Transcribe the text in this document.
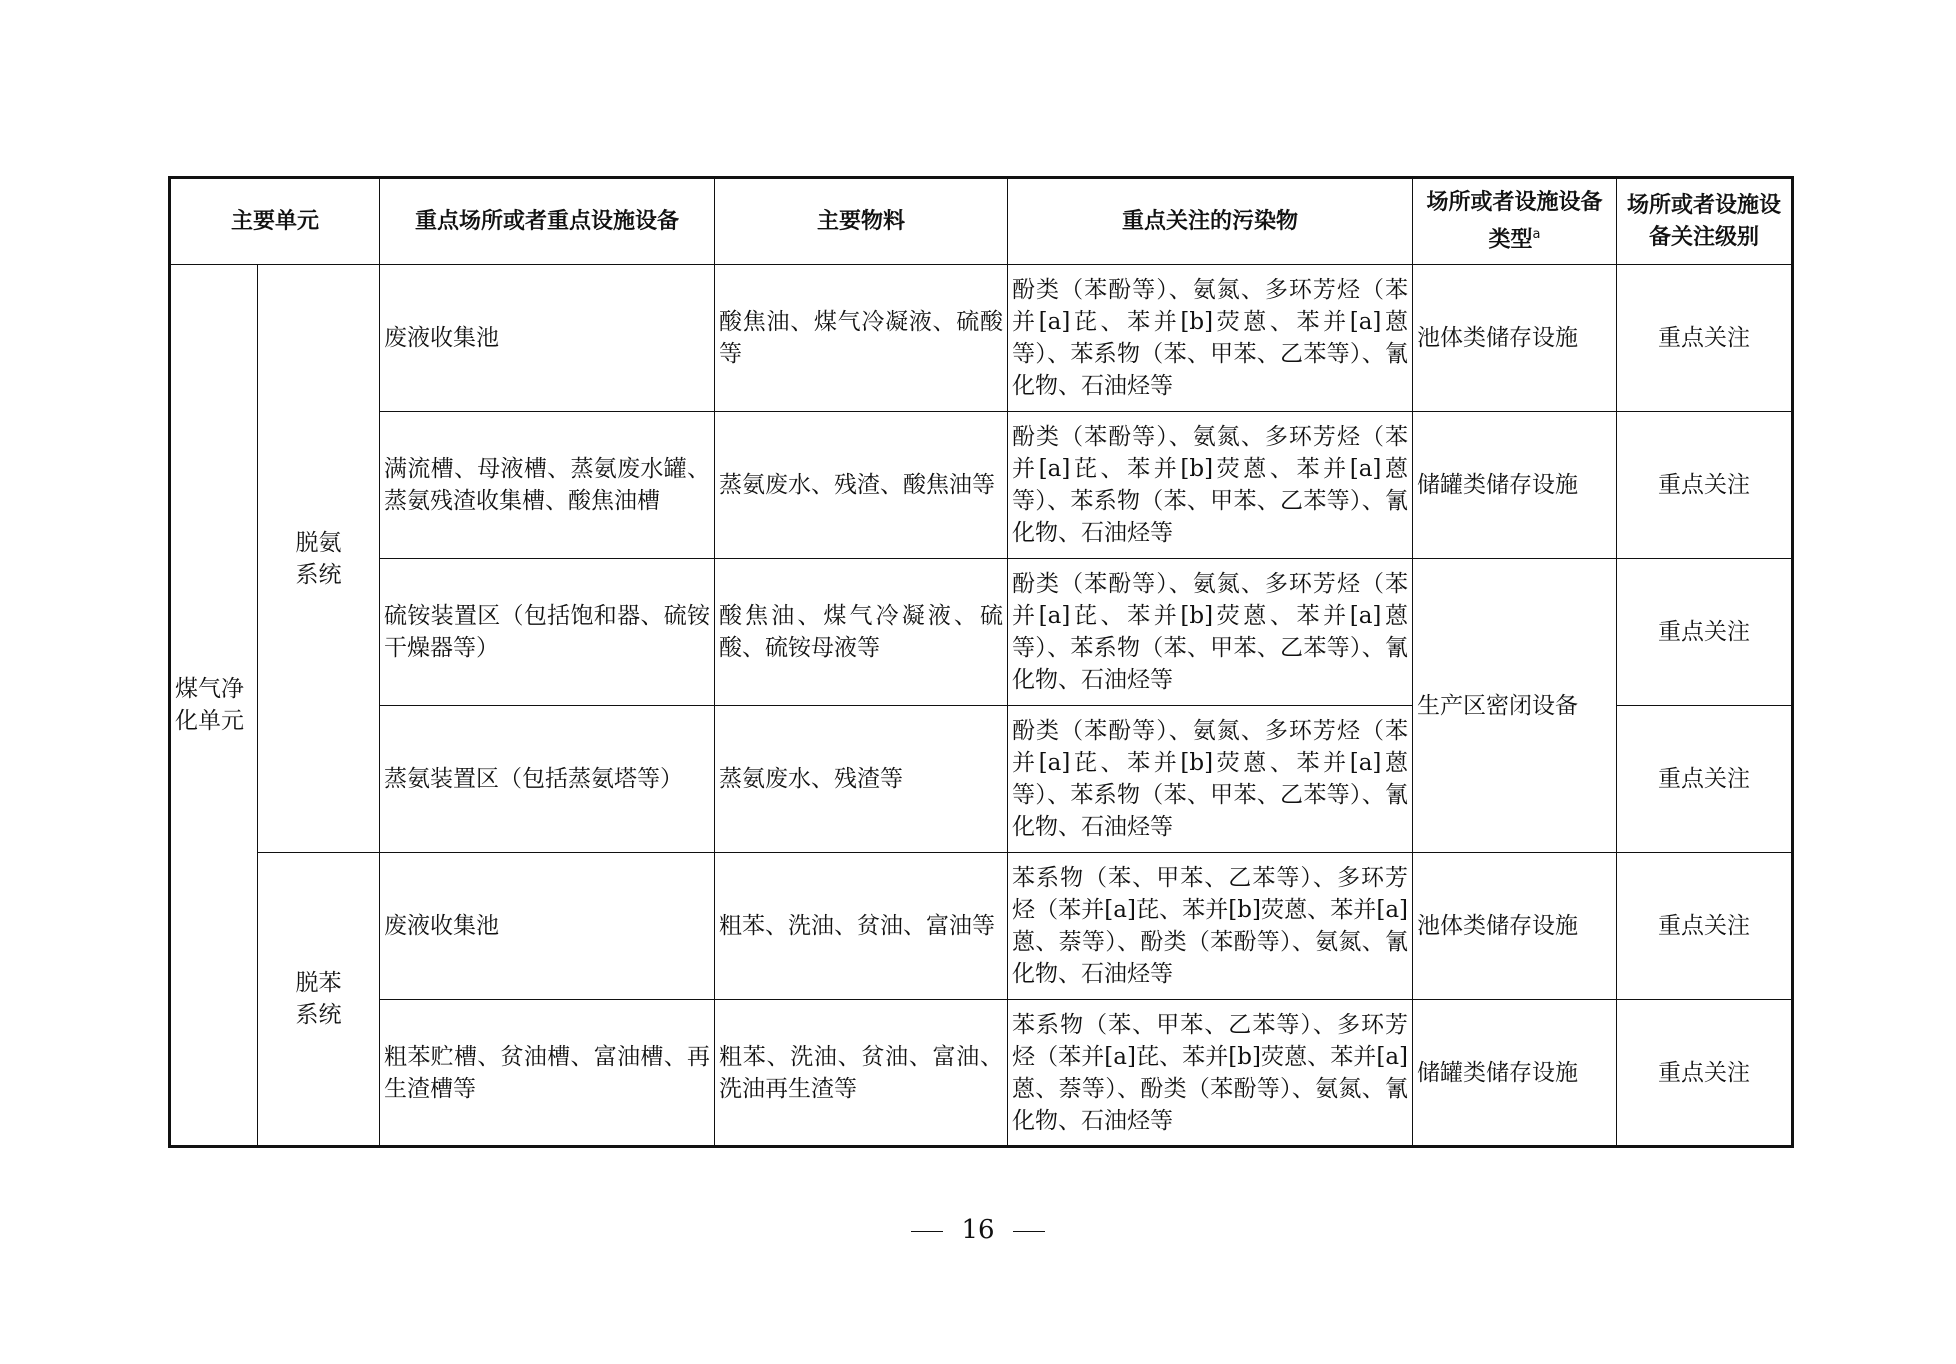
主要单元		重点场所或者重点设施设备	主要物料	重点关注的污染物	场所或者设施设备类型$^a$	场所或者设施设备关注级别
煤气净化单元	脱氨系统	废液收集池	酸焦油、煤气冷凝液、硫酸等	酚类（苯酚等）、氨氮、多环芳烃（苯并[a]芘、苯并[b]荧蒽、苯并[a]蒽等）、苯系物（苯、甲苯、乙苯等）、氰化物、石油烃等	池体类储存设施	重点关注
		满流槽、母液槽、蒸氨废水罐、蒸氨残渣收集槽、酸焦油槽	蒸氨废水、残渣、酸焦油等	酚类（苯酚等）、氨氮、多环芳烃（苯并[a]芘、苯并[b]荧蒽、苯并[a]蒽等）、苯系物（苯、甲苯、乙苯等）、氰化物、石油烃等	储罐类储存设施	重点关注
		硫铵装置区（包括饱和器、硫铵干燥器等）	酸焦油、煤气冷凝液、硫酸、硫铵母液等	酚类（苯酚等）、氨氮、多环芳烃（苯并[a]芘、苯并[b]荧蒽、苯并[a]蒽等）、苯系物（苯、甲苯、乙苯等）、氰化物、石油烃等	生产区密闭设备	重点关注
		蒸氨装置区（包括蒸氨塔等）	蒸氨废水、残渣等	酚类（苯酚等）、氨氮、多环芳烃（苯并[a]芘、苯并[b]荧蒽、苯并[a]蒽等）、苯系物（苯、甲苯、乙苯等）、氰化物、石油烃等		重点关注
	脱苯系统	废液收集池	粗苯、洗油、贫油、富油等	苯系物（苯、甲苯、乙苯等）、多环芳烃（苯并[a]芘、苯并[b]荧蒽、苯并[a]蒽、萘等）、酚类（苯酚等）、氨氮、氰化物、石油烃等	池体类储存设施	重点关注
		粗苯贮槽、贫油槽、富油槽、再生渣槽等	粗苯、洗油、贫油、富油、洗油再生渣等	苯系物（苯、甲苯、乙苯等）、多环芳烃（苯并[a]芘、苯并[b]荧蒽、苯并[a]蒽、萘等）、酚类（苯酚等）、氨氮、氰化物、石油烃等	储罐类储存设施	重点关注
16
